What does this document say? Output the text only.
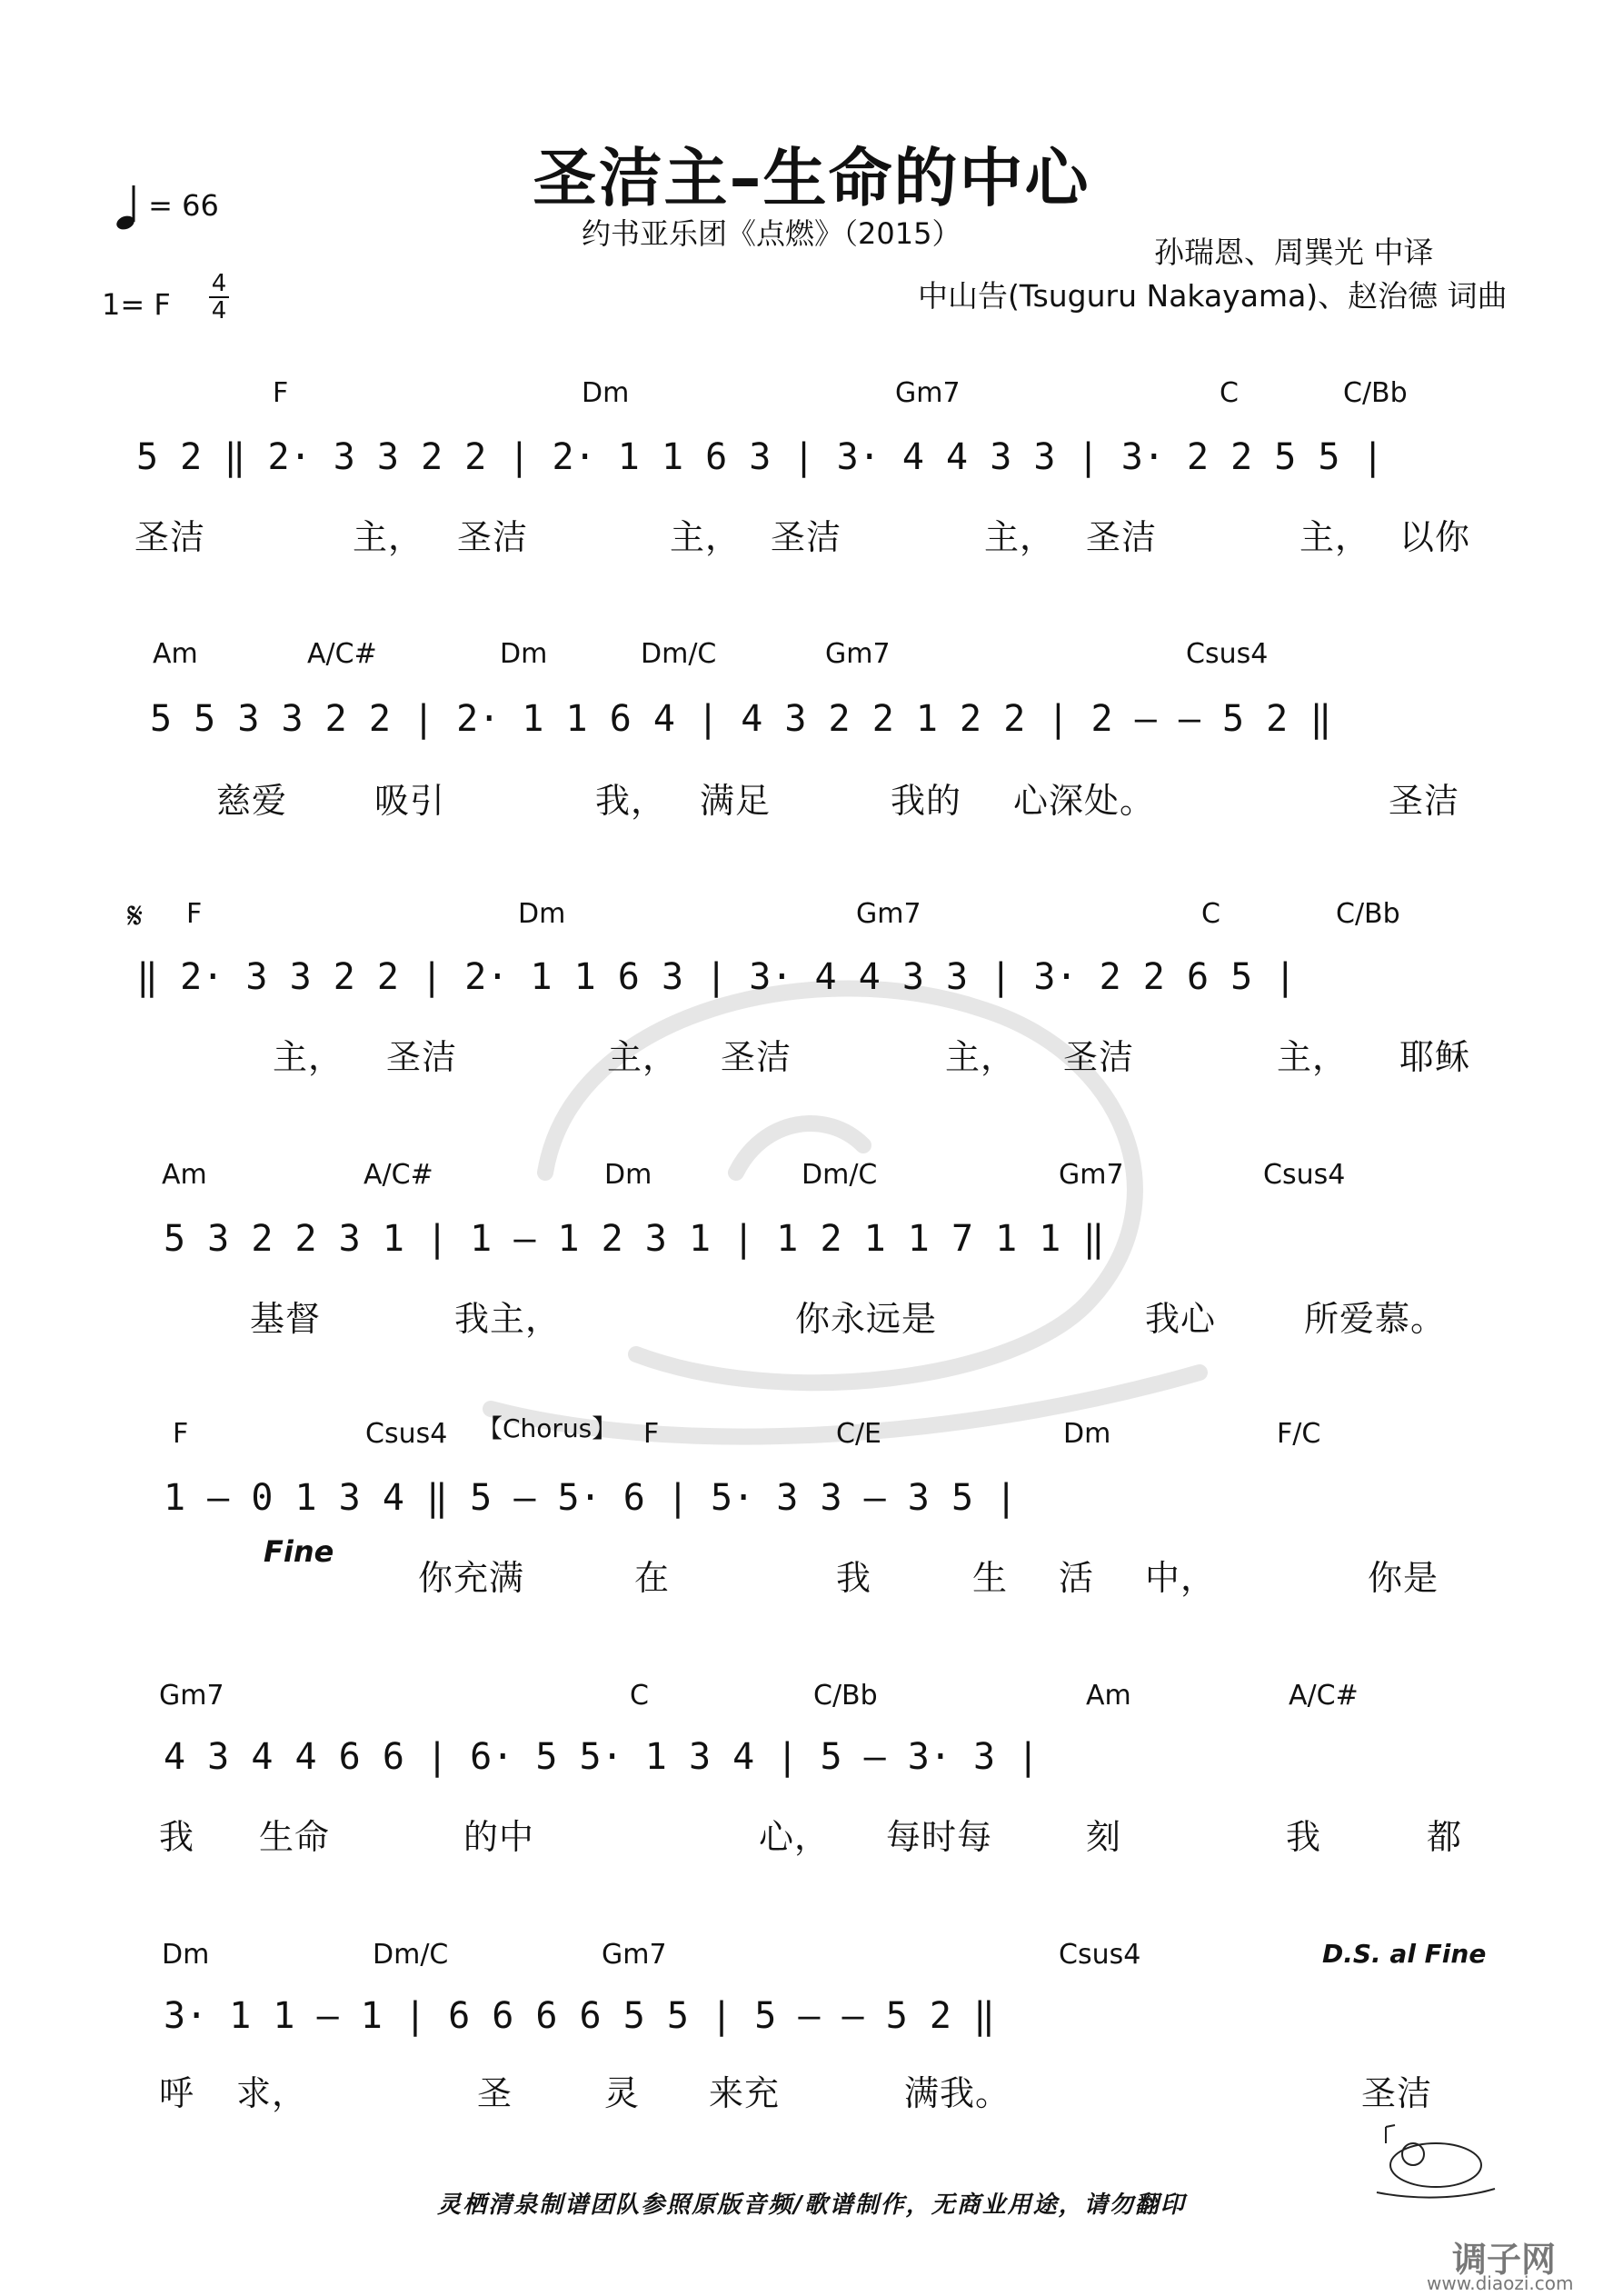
圣洁主–生命的中心
约书亚乐团《点燃》（2015）
孙瑞恩、周巽光 中译
中山告(Tsuguru Nakayama)、赵治德 词曲
= 66
1= F
4
4
F	Dm	Gm7	C	C/Bb
5 2 ‖ 2· 3 3 2 2 | 2· 1 1 6 3 | 3· 4 4 3 3 | 3· 2 2 5 5 |
圣洁	主， 圣洁	主， 圣洁	主， 圣洁	主， 以你
Am	A/C#	Dm	Dm/C	Gm7	Csus4
5 5 3 3 2 2 | 2· 1 1 6 4 | 4 3 2 2 1 2 2 | 2 – – 5 2 ‖
慈爱	吸引	我， 满足	我的 心深处。	圣洁
𝄋 F	Dm	Gm7	C	C/Bb
‖ 2· 3 3 2 2 | 2· 1 1 6 3 | 3· 4 4 3 3 | 3· 2 2 6 5 |
主， 圣洁	主， 圣洁	主， 圣洁	主， 耶稣
Am	A/C#	Dm	Dm/C	Gm7	Csus4
5 3 2 2 3 1 | 1 – 1 2 3 1 | 1 2 1 1 7 1 1 ‖
基督	我主，	你永远是	我心	所爱慕。
F	Csus4 【Chorus】 F	C/E	Dm	F/C
1 – 0 1 3 4 ‖ 5 – 5· 6 | 5· 3 3 – 3 5 |
Fine
你充满	在	我	生 活 中，	你是
Gm7	C	C/Bb	Am	A/C#
4 3 4 4 6 6 | 6· 5 5· 1 3 4 | 5 – 3· 3 |
我 生命	的中	心， 每时每	刻	我	都
Dm	Dm/C	Gm7	Csus4	D.S. al Fine
3· 1 1 – 1 | 6 6 6 6 5 5 | 5 – – 5 2 ‖
呼 求，	圣	灵 来充	满我。	圣洁
灵栖清泉制谱团队参照原版音频/歌谱制作，无商业用途，请勿翻印
调子网
www.diaozi.com
